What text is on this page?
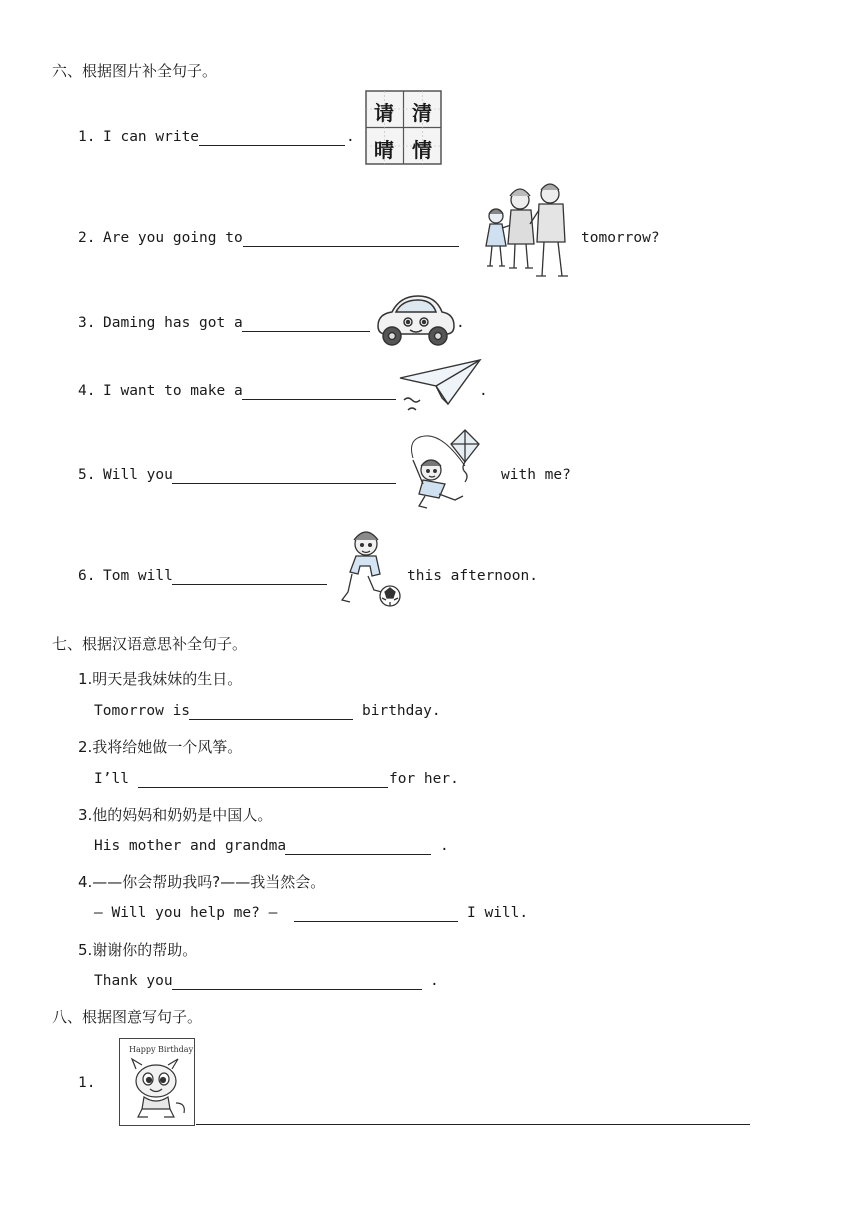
六、根据图片补全句子。
1. I can write	.
请 清
晴 情
2. Are you going to	tomorrow?
3. Daming has got a	.
4. I want to make a	.
5. Will you	with me?
6. Tom will	this afternoon.
七、根据汉语意思补全句子。
1.明天是我妹妹的生日。
Tomorrow is	birthday.
2.我将给她做一个风筝。
I’ll	for her.
3.他的妈妈和奶奶是中国人。
His mother and grandma	.
4.——你会帮助我吗?——我当然会。
— Will you help me? —	I will.
5.谢谢你的帮助。
Thank you	.
八、根据图意写句子。
1.
Happy Birthday
